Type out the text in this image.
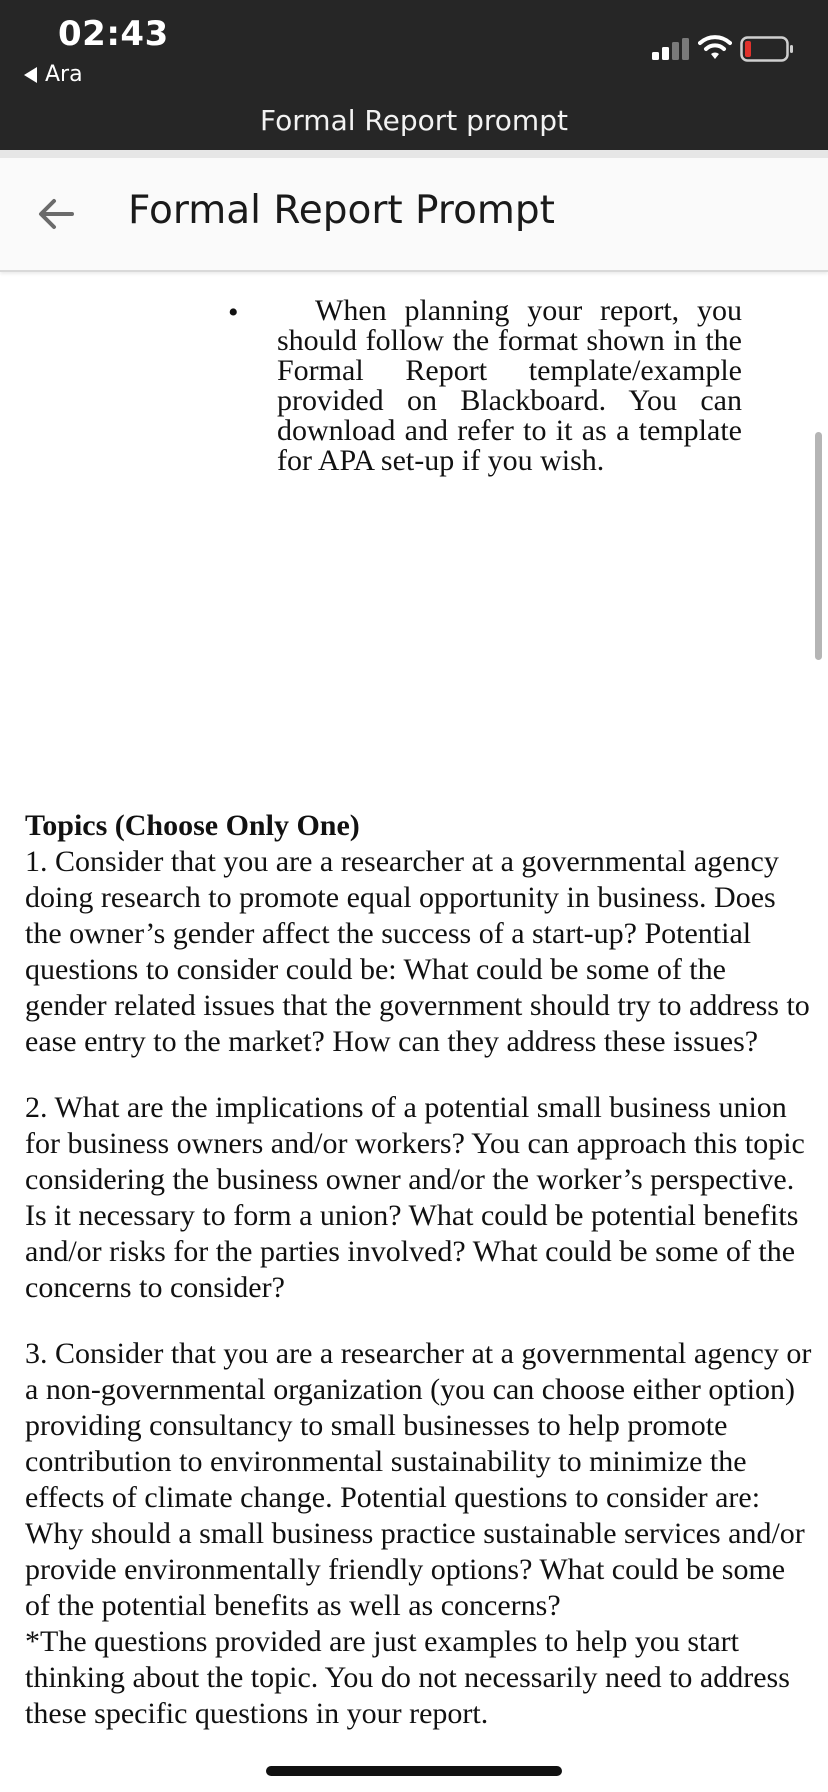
02:43
Ara
Formal Report prompt
Formal Report Prompt
•	When planning your report, you should follow the format shown in the Formal Report template/example provided on Blackboard. You can download and refer to it as a template for APA set-up if you wish.

Topics (Choose Only One)

1. Consider that you are a researcher at a governmental agency doing research to promote equal opportunity in business. Does the owner’s gender affect the success of a start-up? Potential questions to consider could be: What could be some of the gender related issues that the government should try to address to ease entry to the market? How can they address these issues?

2. What are the implications of a potential small business union for business owners and/or workers? You can approach this topic considering the business owner and/or the worker’s perspective. Is it necessary to form a union? What could be potential benefits and/or risks for the parties involved? What could be some of the concerns to consider?

3. Consider that you are a researcher at a governmental agency or a non-governmental organization (you can choose either option) providing consultancy to small businesses to help promote contribution to environmental sustainability to minimize the effects of climate change. Potential questions to consider are: Why should a small business practice sustainable services and/or provide environmentally friendly options? What could be some of the potential benefits as well as concerns?

*The questions provided are just examples to help you start thinking about the topic. You do not necessarily need to address these specific questions in your report.
